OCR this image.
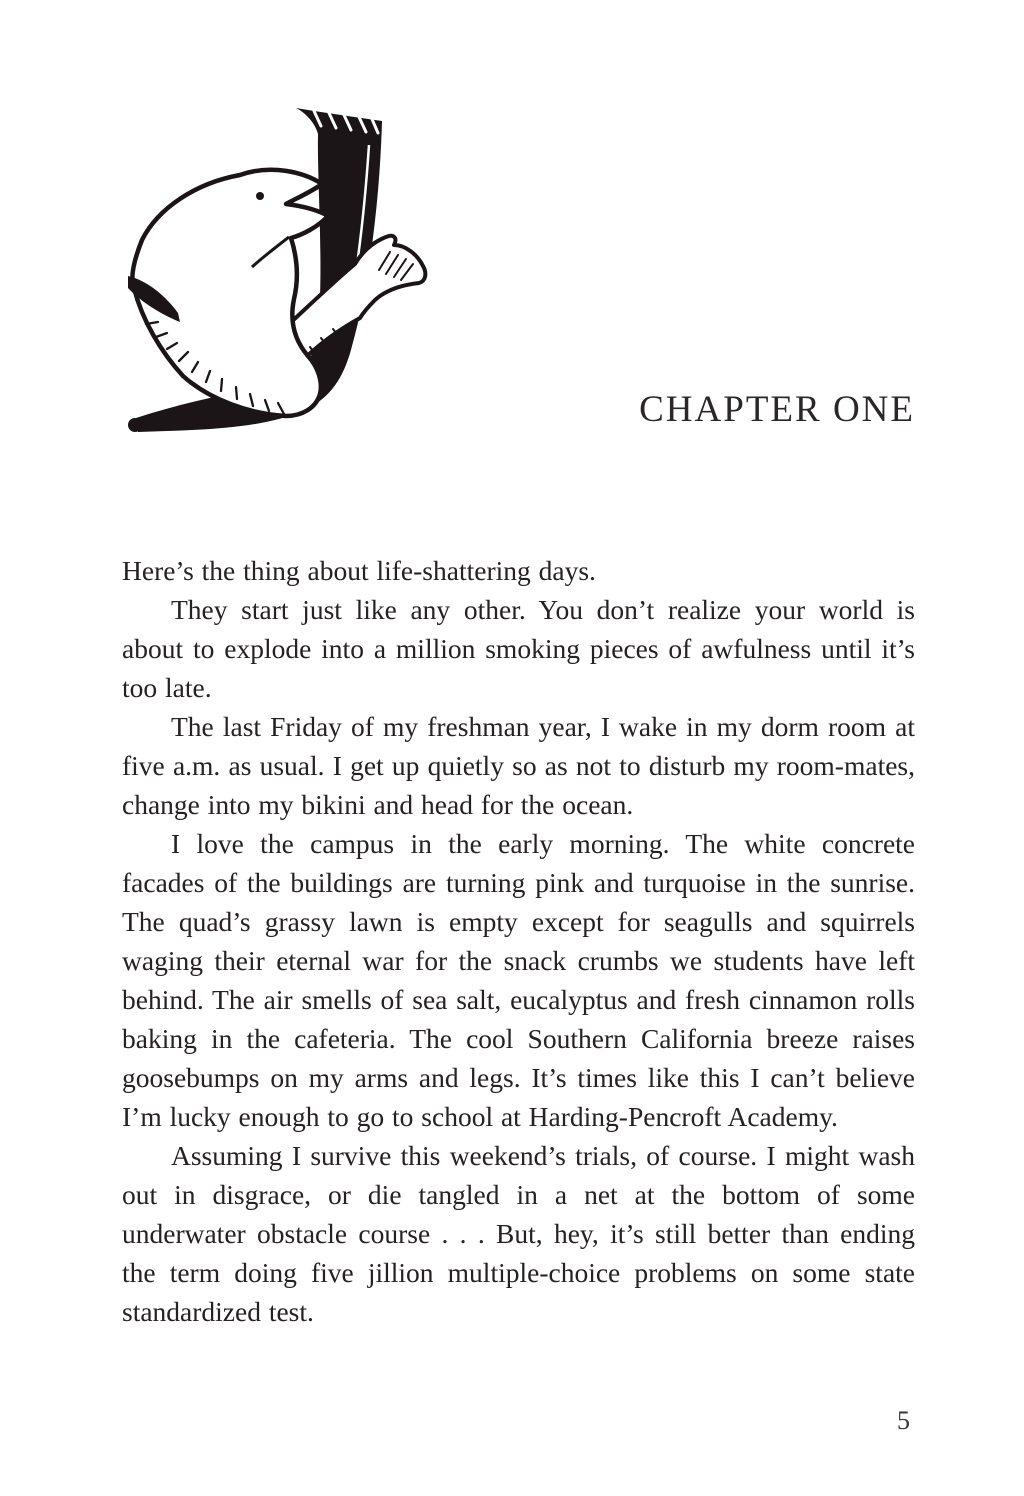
CHAPTER ONE

Here’s the thing about life-shattering days.

They start just like any other. You don’t realize your world is about to explode into a million smoking pieces of awfulness until it’s too late.

The last Friday of my freshman year, I wake in my dorm room at five a.m. as usual. I get up quietly so as not to disturb my room-mates, change into my bikini and head for the ocean.

I love the campus in the early morning. The white concrete facades of the buildings are turning pink and turquoise in the sunrise. The quad’s grassy lawn is empty except for seagulls and squirrels waging their eternal war for the snack crumbs we students have left behind. The air smells of sea salt, eucalyptus and fresh cinnamon rolls baking in the cafeteria. The cool Southern California breeze raises goosebumps on my arms and legs. It’s times like this I can’t believe I’m lucky enough to go to school at Harding-Pencroft Academy.

Assuming I survive this weekend’s trials, of course. I might wash out in disgrace, or die tangled in a net at the bottom of some underwater obstacle course . . . But, hey, it’s still better than ending the term doing five jillion multiple-choice problems on some state standardized test.

5
